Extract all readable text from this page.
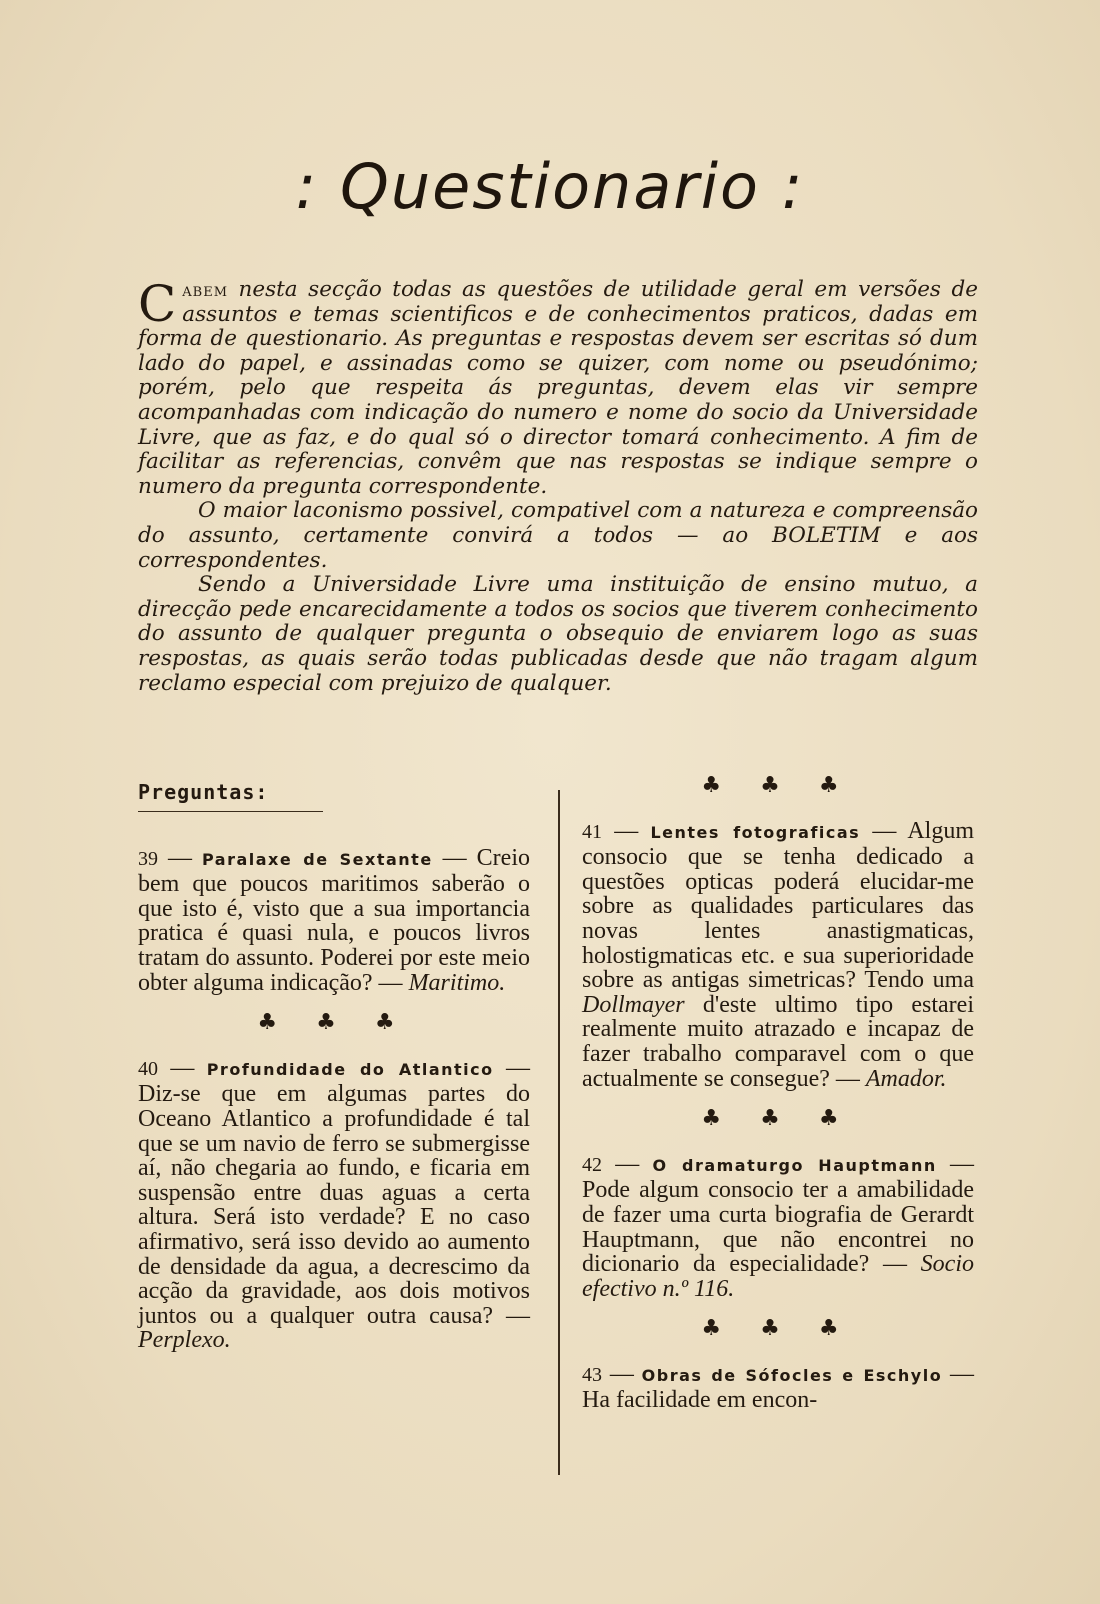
: Questionario :

Cabem nesta secção todas as questões de utilidade geral em versões de assuntos e temas scientificos e de conhecimentos praticos, dadas em forma de questionario. As preguntas e respostas devem ser escritas só dum lado do papel, e assinadas como se quizer, com nome ou pseudónimo; porém, pelo que respeita ás preguntas, devem elas vir sempre acompanhadas com indicação do numero e nome do socio da Universidade Livre, que as faz, e do qual só o director tomará conhecimento. A fim de facilitar as referencias, convêm que nas respostas se indique sempre o numero da pregunta correspondente.

O maior laconismo possivel, compativel com a natureza e compreensão do assunto, certamente convirá a todos — ao BOLETIM e aos correspondentes.

Sendo a Universidade Livre uma instituição de ensino mutuo, a direcção pede encarecidamente a todos os socios que tiverem conhecimento do assunto de qualquer pregunta o obsequio de enviarem logo as suas respostas, as quais serão todas publicadas desde que não tragam algum reclamo especial com prejuizo de qualquer.

Preguntas:

39 — Paralaxe de Sextante — Creio bem que poucos maritimos saberão o que isto é, visto que a sua importancia pratica é quasi nula, e poucos livros tratam do assunto. Poderei por este meio obter alguma indicação? — Maritimo.

♣ ♣ ♣

40 — Profundidade do Atlantico — Diz-se que em algumas partes do Oceano Atlantico a profundidade é tal que se um navio de ferro se submergisse aí, não chegaria ao fundo, e ficaria em suspensão entre duas aguas a certa altura. Será isto verdade? E no caso afirmativo, será isso devido ao aumento de densidade da agua, a decrescimo da acção da gravidade, aos dois motivos juntos ou a qualquer outra causa? — Perplexo.

♣ ♣ ♣

41 — Lentes fotograficas — Algum consocio que se tenha dedicado a questões opticas poderá elucidar-me sobre as qualidades particulares das novas lentes anastigmaticas, holostigmaticas etc. e sua superioridade sobre as antigas simetricas? Tendo uma Dollmayer d'este ultimo tipo estarei realmente muito atrazado e incapaz de fazer trabalho comparavel com o que actualmente se consegue? — Amador.

♣ ♣ ♣

42 — O dramaturgo Hauptmann — Pode algum consocio ter a amabilidade de fazer uma curta biografia de Gerardt Hauptmann, que não encontrei no dicionario da especialidade? — Socio efectivo n.º 116.

♣ ♣ ♣

43 — Obras de Sófocles e Eschylo — Ha facilidade em encon-
